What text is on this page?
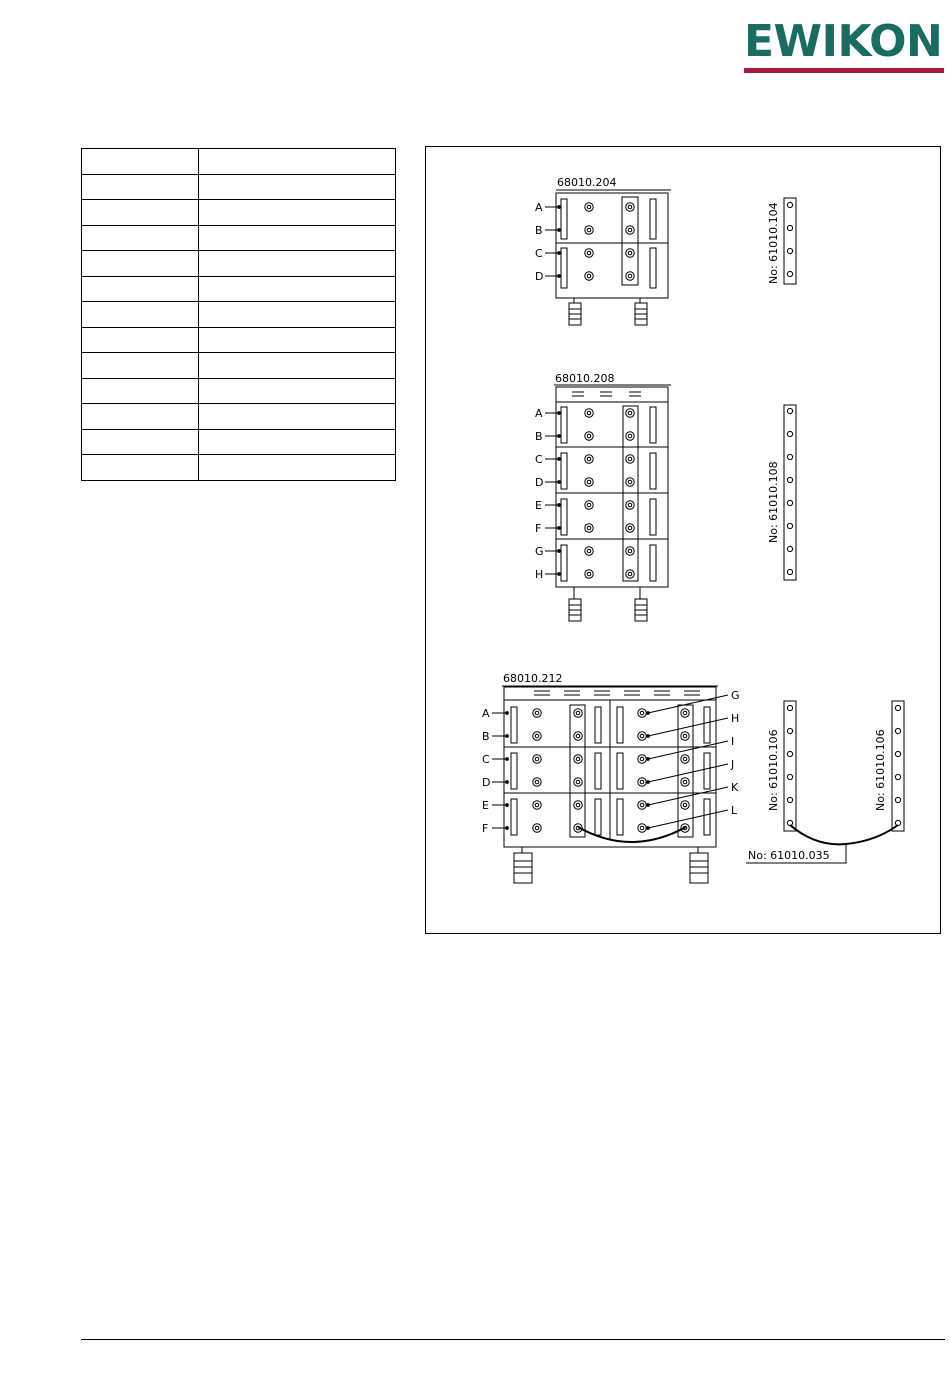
EWIKON

68010.204
A
B
C
D	No: 61010.104
68010.208
A
B
C
D
E
F
G
H
No: 61010.108
68010.212
A
B
C
D
E
F
G
H
I
J
K
L	No: 61010.106	No: 61010.106
No: 61010.035
